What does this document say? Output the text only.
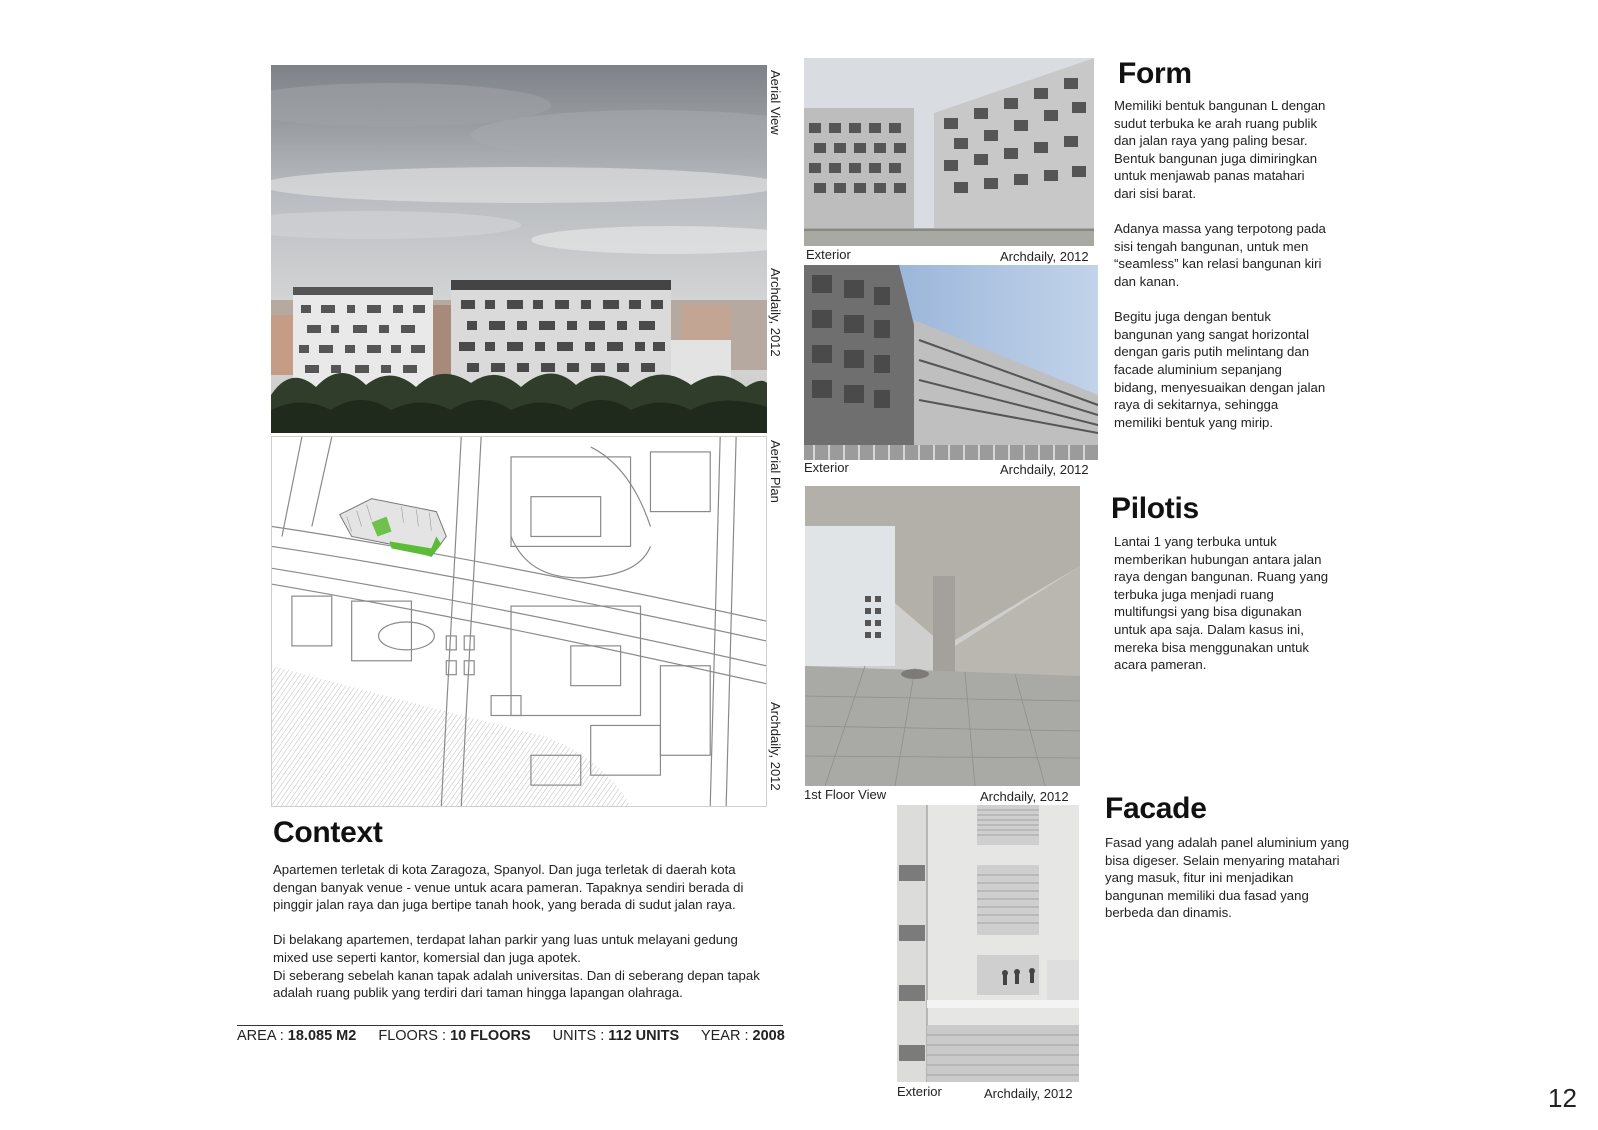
Aerial View
Archdaily, 2012
Aerial Plan
Archdaily, 2012
Exterior	Archdaily, 2012
Exterior	Archdaily, 2012
1st Floor View	Archdaily, 2012
Exterior	Archdaily, 2012
Form
Memiliki bentuk bangunan L dengan
sudut terbuka ke arah ruang publik
dan jalan raya yang paling besar.
Bentuk bangunan juga dimiringkan
untuk menjawab panas matahari
dari sisi barat.

Adanya massa yang terpotong pada
sisi tengah bangunan, untuk men
“seamless” kan relasi bangunan kiri
dan kanan.

Begitu juga dengan bentuk
bangunan yang sangat horizontal
dengan garis putih melintang dan
facade aluminium sepanjang
bidang, menyesuaikan dengan jalan
raya di sekitarnya, sehingga
memiliki bentuk yang mirip.
Pilotis
Lantai 1 yang terbuka untuk
memberikan hubungan antara jalan
raya dengan bangunan. Ruang yang
terbuka juga menjadi ruang
multifungsi yang bisa digunakan
untuk apa saja. Dalam kasus ini,
mereka bisa menggunakan untuk
acara pameran.
Facade
Fasad yang adalah panel aluminium yang
bisa digeser. Selain menyaring matahari
yang masuk, fitur ini menjadikan
bangunan memiliki dua fasad yang
berbeda dan dinamis.
Context
Apartemen terletak di kota Zaragoza, Spanyol. Dan juga terletak di daerah kota
dengan banyak venue - venue untuk acara pameran. Tapaknya sendiri berada di
pinggir jalan raya dan juga bertipe tanah hook, yang berada di sudut jalan raya.

Di belakang apartemen, terdapat lahan parkir yang luas untuk melayani gedung
mixed use seperti kantor, komersial dan juga apotek.
Di seberang sebelah kanan tapak adalah universitas. Dan di seberang depan tapak
adalah ruang publik yang terdiri dari taman hingga lapangan olahraga.
AREA : 18.085 M2 FLOORS : 10 FLOORS UNITS : 112 UNITS YEAR : 2008
12
